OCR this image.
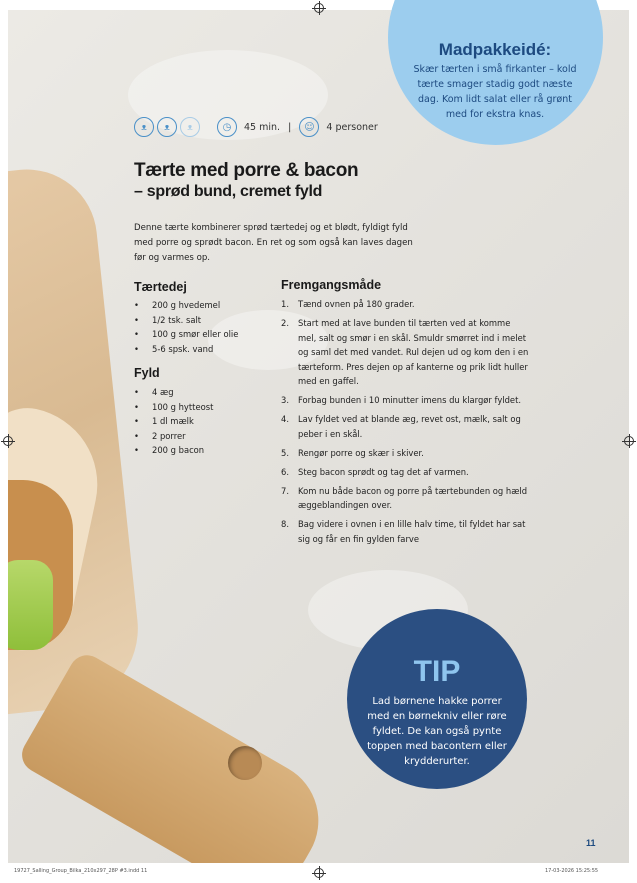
Madpakkeidé:
Skær tærten i små firkanter – kold tærte smager stadig godt næste dag. Kom lidt salat eller rå grønt med for ekstra knas.
ᴥ	ᴥ	ᴥ	◷	45 min. |	☺	4 personer
Tærte med porre & bacon
– sprød bund, cremet fyld
Denne tærte kombinerer sprød tærtedej og et blødt, fyldigt fyld med porre og sprødt bacon. En ret og som også kan laves dagen før og varmes op.
Tærtedej
• 200 g hvedemel
• 1/2 tsk. salt
• 100 g smør eller olie
• 5-6 spsk. vand
Fyld
• 4 æg
• 100 g hytteost
• 1 dl mælk
• 2 porrer
• 200 g bacon
Fremgangsmåde
1.	Tænd ovnen på 180 grader.
2.	Start med at lave bunden til tærten ved at komme mel, salt og smør i en skål. Smuldr smørret ind i melet og saml det med vandet. Rul dejen ud og kom den i en tærteform. Pres dejen op af kanterne og prik lidt huller med en gaffel.
3.	Forbag bunden i 10 minutter imens du klargør fyldet.
4.	Lav fyldet ved at blande æg, revet ost, mælk, salt og peber i en skål.
5.	Rengør porre og skær i skiver.
6.	Steg bacon sprødt og tag det af varmen.
7.	Kom nu både bacon og porre på tærtebunden og hæld æggeblandingen over.
8.	Bag videre i ovnen i en lille halv time, til fyldet har sat sig og får en fin gylden farve
TIP
Lad børnene hakke porrer med en børnekniv eller røre fyldet. De kan også pynte toppen med bacontern eller krydderurter.
11
19727_Salling_Group_Bilka_210x297_28P #3.indd 11	17-03-2026 15:25:55
